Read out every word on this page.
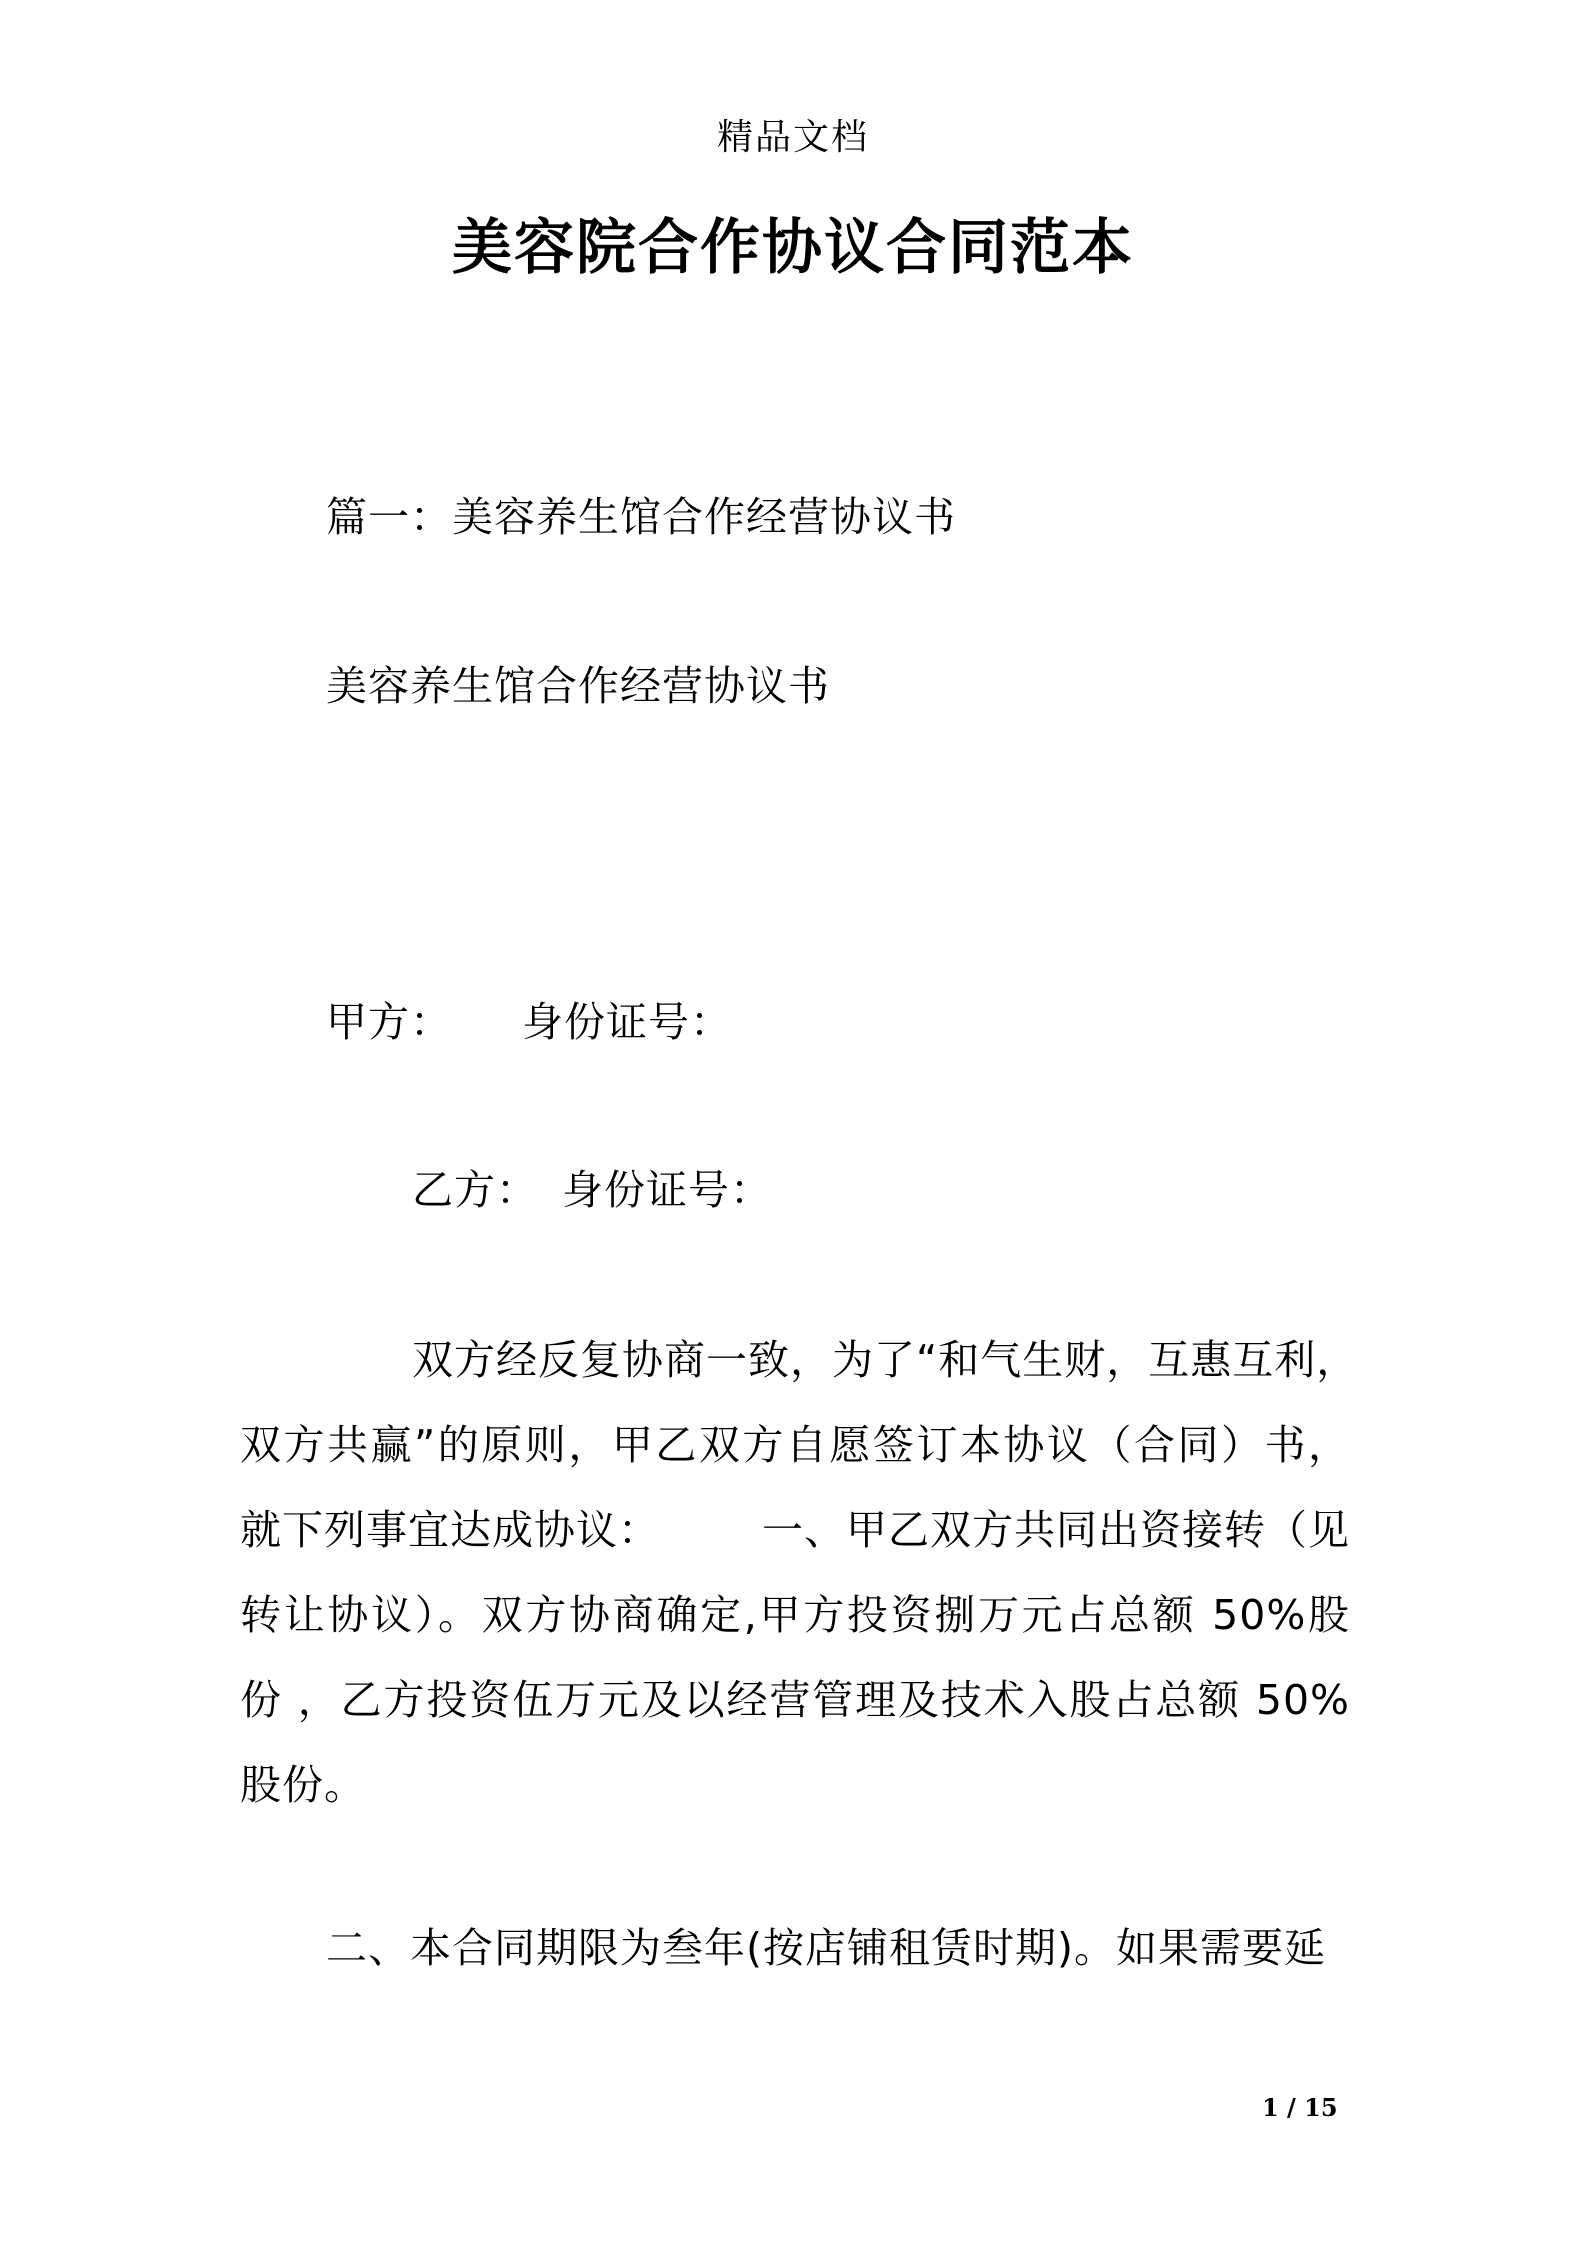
精品文档
美容院合作协议合同范本
篇一：美容养生馆合作经营协议书
美容养生馆合作经营协议书
甲方： 身份证号：
乙方： 身份证号：
双方经反复协商一致，为了“和气生财，互惠互利，
双方共赢”的原则，甲乙双方自愿签订本协议（合同）书，
就下列事宜达成协议： 一、甲乙双方共同出资接转（见
转让协议）。双方协商确定,甲方投资捌万元占总额 50%股
份 ，乙方投资伍万元及以经营管理及技术入股占总额 50%
股份。
二、本合同期限为叁年(按店铺租赁时期)。如果需要延
1 / 15
